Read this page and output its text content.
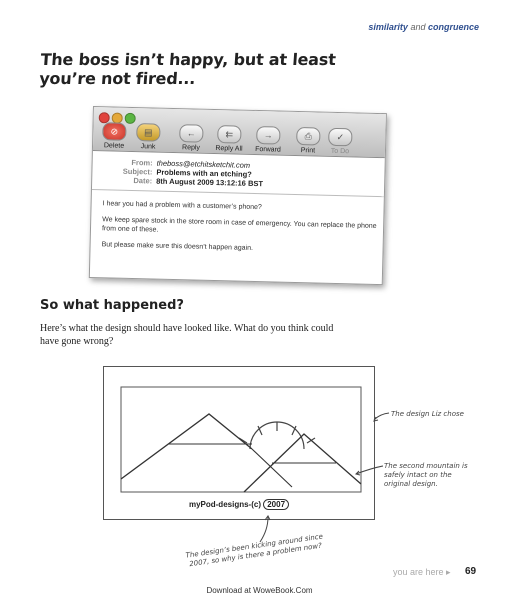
similarity and congruence
The boss isn’t happy, but at least
you’re not fired...
⊘
Delete
▤
Junk
←
Reply
⇇
Reply All
→
Forward
⎙
Print
✓
To Do
From: theboss@etchitsketchit.com
Subject: Problems with an etching?
Date: 8th August 2009 13:12:16 BST

I hear you had a problem with a customer’s phone?

We keep spare stock in the store room in case of emergency. You can replace the phone from one of these.

But please make sure this doesn’t happen again.

So what happened?
Here’s what the design should have looked like. What do you think could have gone wrong?
myPod-designs-(c) 2007
The design Liz chose
The second mountain is safely intact on the original design.
The design’s been kicking around since 2007, so why is there a problem now?
you are here ▸ 69
Download at WoweBook.Com
